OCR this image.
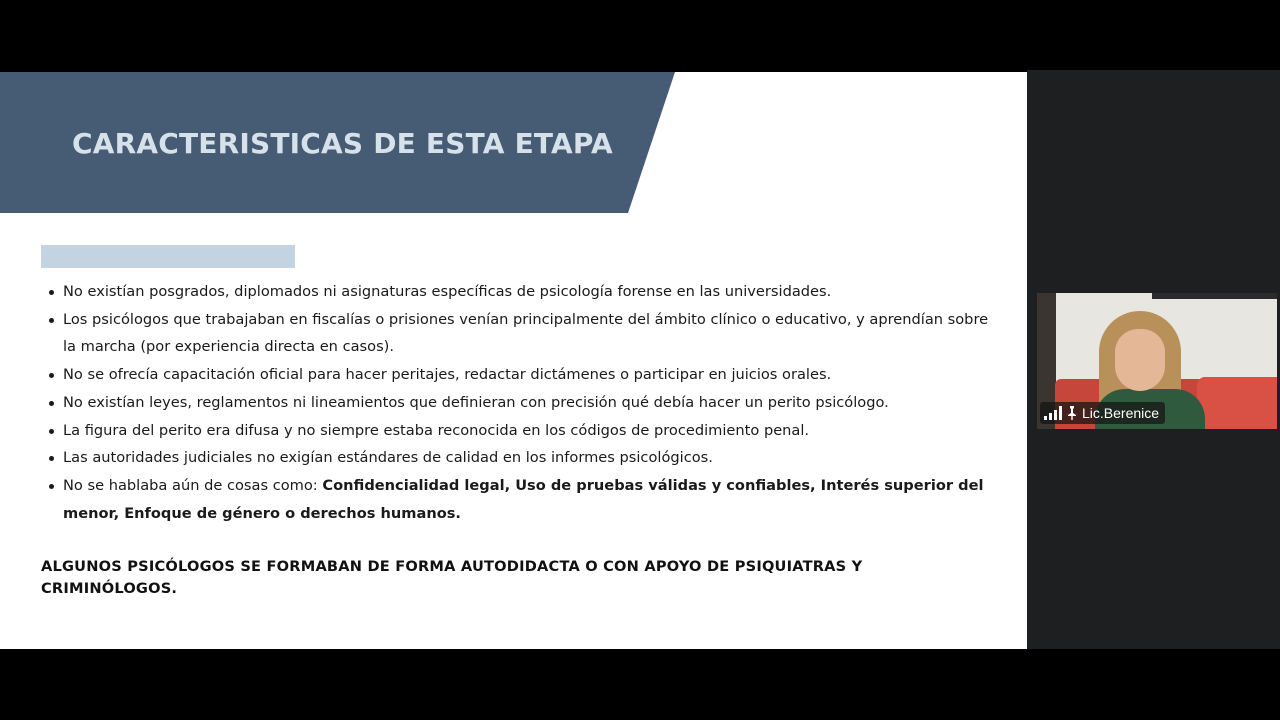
CARACTERISTICAS DE ESTA ETAPA
No existían posgrados, diplomados ni asignaturas específicas de psicología forense en las universidades.
Los psicólogos que trabajaban en fiscalías o prisiones venían principalmente del ámbito clínico o educativo, y aprendían sobre la marcha (por experiencia directa en casos).
No se ofrecía capacitación oficial para hacer peritajes, redactar dictámenes o participar en juicios orales.
No existían leyes, reglamentos ni lineamientos que definieran con precisión qué debía hacer un perito psicólogo.
La figura del perito era difusa y no siempre estaba reconocida en los códigos de procedimiento penal.
Las autoridades judiciales no exigían estándares de calidad en los informes psicológicos.
No se hablaba aún de cosas como: Confidencialidad legal, Uso de pruebas válidas y confiables, Interés superior del menor, Enfoque de género o derechos humanos.

ALGUNOS PSICÓLOGOS SE FORMABAN DE FORMA AUTODIDACTA O CON APOYO DE PSIQUIATRAS Y CRIMINÓLOGOS.

Lic.Berenice
